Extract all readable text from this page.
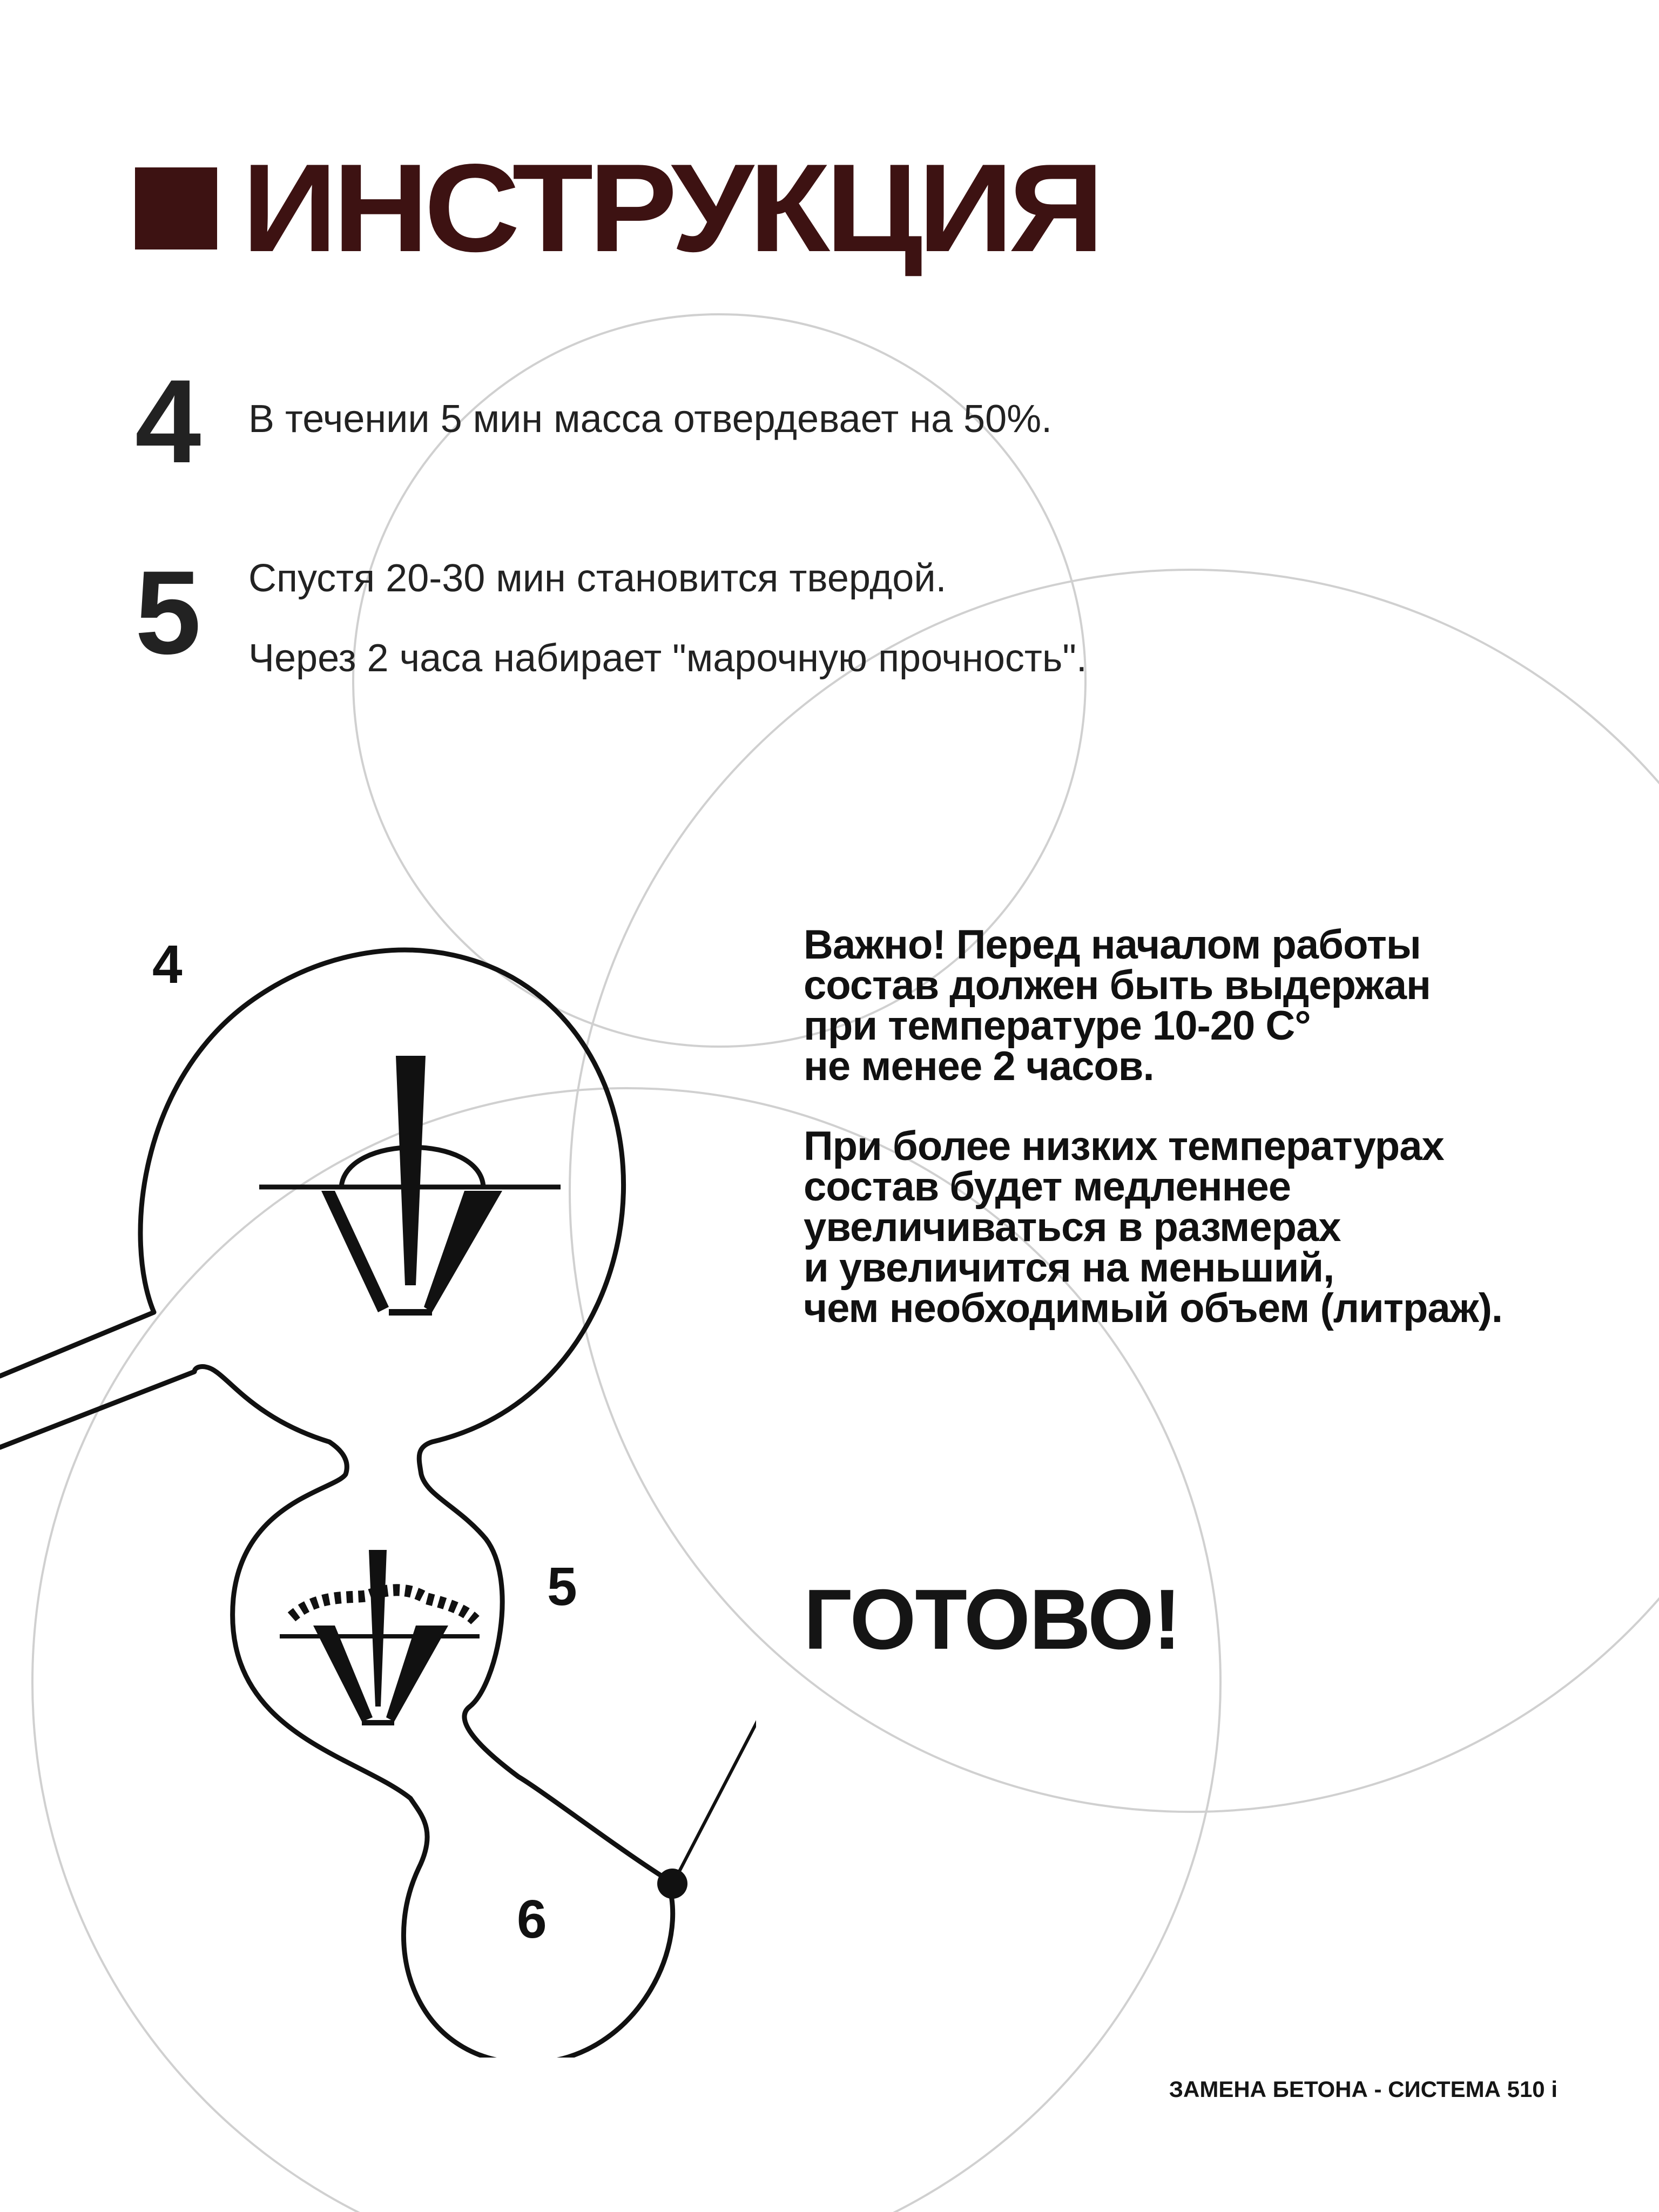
ИНСТРУКЦИЯ
4 В течении 5 мин масса отвердевает на 50%.
5 Спустя 20-30 мин становится твердой.
Через 2 часа набирает "марочную прочность".
4
5
6
Важно! Перед началом работы
состав должен быть выдержан
при температуре 10-20 С°
не менее 2 часов.
При более низких температурах
состав будет медленнее
увеличиваться в размерах
и увеличится на меньший,
чем необходимый объем (литраж).
ГОТОВО!
ЗАМЕНА БЕТОНА - СИСТЕМА 510 i
